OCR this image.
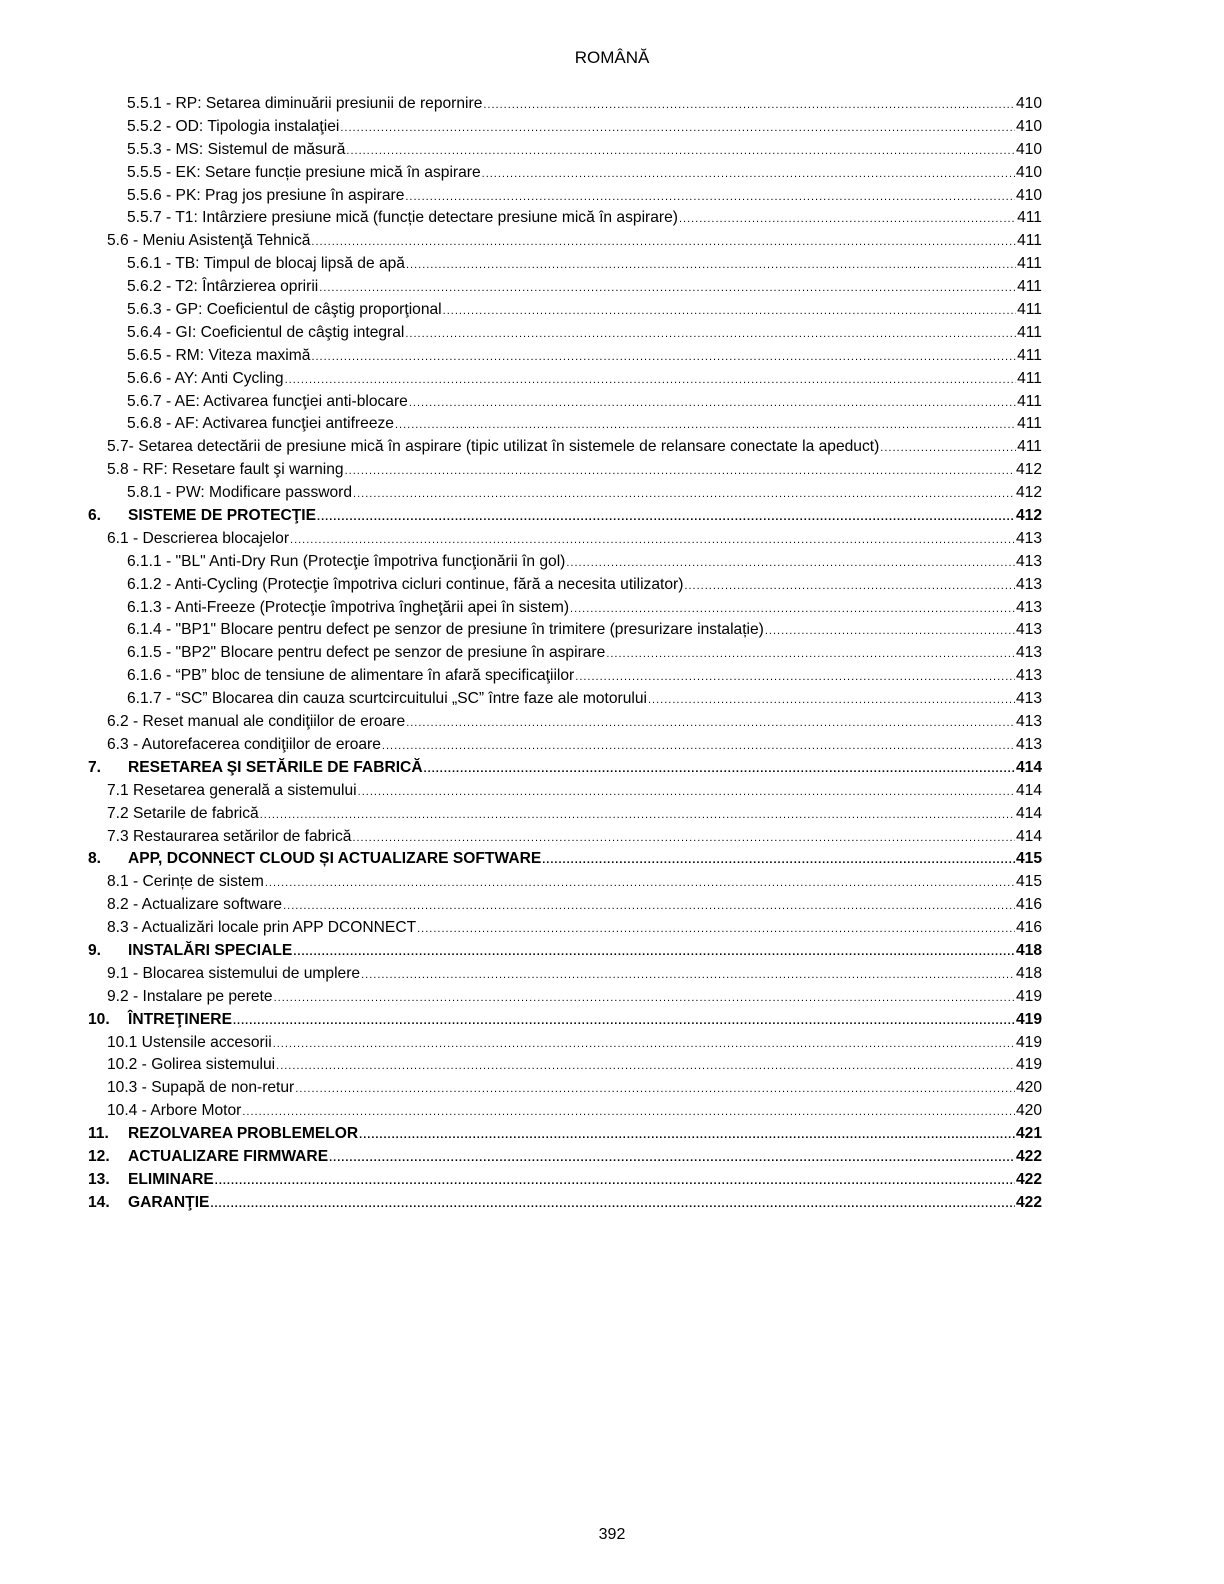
ROMÂNĂ
5.5.1 - RP: Setarea diminuării presiunii de repornire .....	410
5.5.2 - OD: Tipologia instalaţiei .....	410
5.5.3 - MS: Sistemul de măsură .....	410
5.5.5 - EK: Setare funcție presiune mică în aspirare .....	410
5.5.6 - PK: Prag jos presiune în aspirare .....	410
5.5.7 - T1: Intârziere presiune mică (funcție detectare presiune mică în aspirare) .....	411
5.6 - Meniu Asistenţă Tehnică .....	411
5.6.1 - TB: Timpul de blocaj lipsă de apă .....	411
5.6.2 - T2: Întârzierea opririi .....	411
5.6.3 - GP: Coeficientul de câştig proporţional .....	411
5.6.4 - GI: Coeficientul de câştig integral .....	411
5.6.5 - RM: Viteza maximă .....	411
5.6.6 - AY: Anti Cycling .....	411
5.6.7 - AE: Activarea funcţiei anti-blocare .....	411
5.6.8 - AF: Activarea funcţiei antifreeze .....	411
5.7- Setarea detectării de presiune mică în aspirare (tipic utilizat în sistemele de relansare conectate la apeduct) .....	411
5.8 - RF: Resetare fault şi warning .....	412
5.8.1 - PW: Modificare password .....	412
6.	SISTEME DE PROTECŢIE .....	412
6.1 - Descrierea blocajelor .....	413
6.1.1 - "BL" Anti-Dry Run (Protecţie împotriva funcţionării în gol) .....	413
6.1.2 - Anti-Cycling (Protecţie împotriva cicluri continue, fără a necesita utilizator) .....	413
6.1.3 - Anti-Freeze (Protecţie împotriva îngheţării apei în sistem) .....	413
6.1.4 - "BP1" Blocare pentru defect pe senzor de presiune în trimitere (presurizare instalație) .....	413
6.1.5 - "BP2" Blocare pentru defect pe senzor de presiune în aspirare .....	413
6.1.6 - “PB” bloc de tensiune de alimentare în afară specificaţiilor .....	413
6.1.7 - “SC” Blocarea din cauza scurtcircuitului „SC” între faze ale motorului .....	413
6.2 - Reset manual ale condiţiilor de eroare .....	413
6.3 - Autorefacerea condiţiilor de eroare .....	413
7.	RESETAREA ŞI SETĂRILE DE FABRICĂ .....	414
7.1 Resetarea generală a sistemului .....	414
7.2 Setarile de fabrică .....	414
7.3 Restaurarea setărilor de fabrică .....	414
8.	APP, DCONNECT CLOUD ȘI ACTUALIZARE SOFTWARE .....	415
8.1 - Cerințe de sistem .....	415
8.2 - Actualizare software .....	416
8.3 - Actualizări locale prin APP DCONNECT .....	416
9.	INSTALĂRI SPECIALE .....	418
9.1 - Blocarea sistemului de umplere .....	418
9.2 - Instalare pe perete .....	419
10.	ÎNTREŢINERE .....	419
10.1 Ustensile accesorii .....	419
10.2 - Golirea sistemului .....	419
10.3 - Supapă de non-retur .....	420
10.4 - Arbore Motor .....	420
11.	REZOLVAREA PROBLEMELOR .....	421
12.	ACTUALIZARE FIRMWARE .....	422
13.	ELIMINARE .....	422
14.	GARANŢIE .....	422
392
